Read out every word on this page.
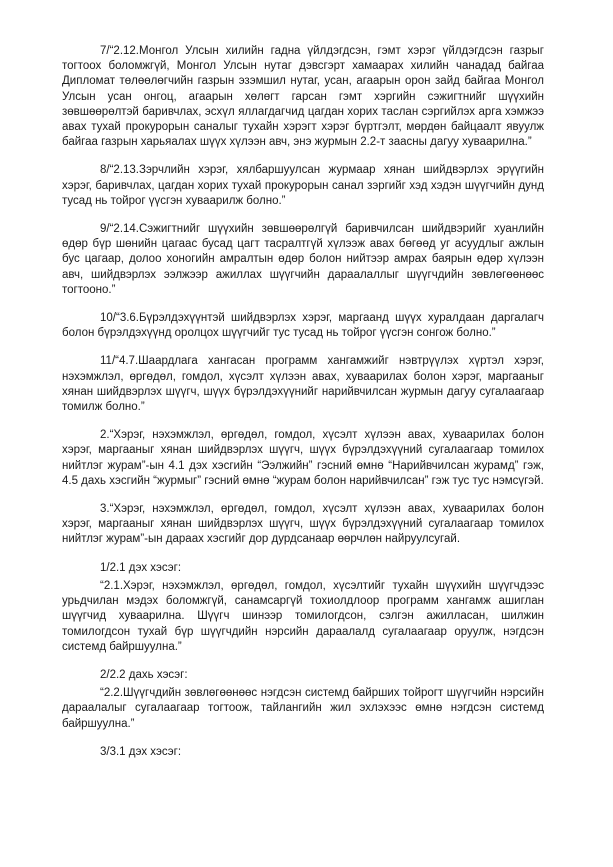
7/“2.12.Монгол Улсын хилийн гадна үйлдэгдсэн, гэмт хэрэг үйлдэгдсэн газрыг тогтоох боломжгүй, Монгол Улсын нутаг дэвсгэрт хамаарах хилийн чанадад байгаа Дипломат төлөөлөгчийн газрын эзэмшил нутаг, усан, агаарын орон зайд байгаа Монгол Улсын усан онгоц, агаарын хөлөгт гарсан гэмт хэргийн сэжигтнийг шүүхийн зөвшөөрөлтэй баривчлах, эсхүл яллагдагчид цагдан хорих таслан сэргийлэх арга хэмжээ авах тухай прокурорын саналыг тухайн хэрэгт хэрэг бүртгэлт, мөрдөн байцаалт явуулж байгаа газрын харьяалах шүүх хүлээн авч, энэ журмын 2.2-т заасны дагуу хуваарилна.”

8/“2.13.Зэрчлийн хэрэг, хялбаршуулсан журмаар хянан шийдвэрлэх эрүүгийн хэрэг, баривчлах, цагдан хорих тухай прокурорын санал зэргийг хэд хэдэн шүүгчийн дунд тусад нь тойрог үүсгэн хуваарилж болно.”

9/“2.14.Сэжигтнийг шүүхийн зөвшөөрөлгүй баривчилсан шийдвэрийг хуанлийн өдөр бүр шөнийн цагаас бусад цагт тасралтгүй хүлээж авах бөгөөд уг асуудлыг ажлын бус цагаар, долоо хоногийн амралтын өдөр болон нийтээр амрах баярын өдөр хүлээн авч, шийдвэрлэх ээлжээр ажиллах шүүгчийн дараалаллыг шүүгчдийн зөвлөгөөнөөс тогтооно.”

10/“3.6.Бүрэлдэхүүнтэй шийдвэрлэх хэрэг, маргаанд шүүх хуралдаан даргалагч болон бүрэлдэхүүнд оролцох шүүгчийг тус тусад нь тойрог үүсгэн сонгож болно.”

11/“4.7.Шаардлага хангасан программ хангамжийг нэвтрүүлэх хүртэл хэрэг, нэхэмжлэл, өргөдөл, гомдол, хүсэлт хүлээн авах, хуваарилах болон хэрэг, маргааныг хянан шийдвэрлэх шүүгч, шүүх бүрэлдэхүүнийг нарийвчилсан журмын дагуу сугалаагаар томилж болно.”

2.“Хэрэг, нэхэмжлэл, өргөдөл, гомдол, хүсэлт хүлээн авах, хуваарилах болон хэрэг, маргааныг хянан шийдвэрлэх шүүгч, шүүх бүрэлдэхүүний сугалаагаар томилох нийтлэг журам”-ын 4.1 дэх хэсгийн “Ээлжийн” гэсний өмнө “Нарийвчилсан журамд” гэж, 4.5 дахь хэсгийн “журмыг” гэсний өмнө “журам болон нарийвчилсан” гэж тус тус нэмсүгэй.

3.“Хэрэг, нэхэмжлэл, өргөдөл, гомдол, хүсэлт хүлээн авах, хуваарилах болон хэрэг, маргааныг хянан шийдвэрлэх шүүгч, шүүх бүрэлдэхүүний сугалаагаар томилох нийтлэг журам”-ын дараах хэсгийг дор дурдсанаар өөрчлөн найруулсугай.

1/2.1 дэх хэсэг:

“2.1.Хэрэг, нэхэмжлэл, өргөдөл, гомдол, хүсэлтийг тухайн шүүхийн шүүгчдээс урьдчилан мэдэх боломжгүй, санамсаргүй тохиолдлоор программ хангамж ашиглан шүүгчид хуваарилна. Шүүгч шинээр томилогдсон, сэлгэн ажилласан, шилжин томилогдсон тухай бүр шүүгчдийн нэрсийн дараалалд сугалаагаар оруулж, нэгдсэн системд байршуулна.”

2/2.2 дахь хэсэг:

“2.2.Шүүгчдийн зөвлөгөөнөөс нэгдсэн системд байрших тойрогт шүүгчийн нэрсийн дараалалыг сугалаагаар тогтоож, тайлангийн жил эхлэхээс өмнө нэгдсэн системд байршуулна.”

3/3.1 дэх хэсэг:
